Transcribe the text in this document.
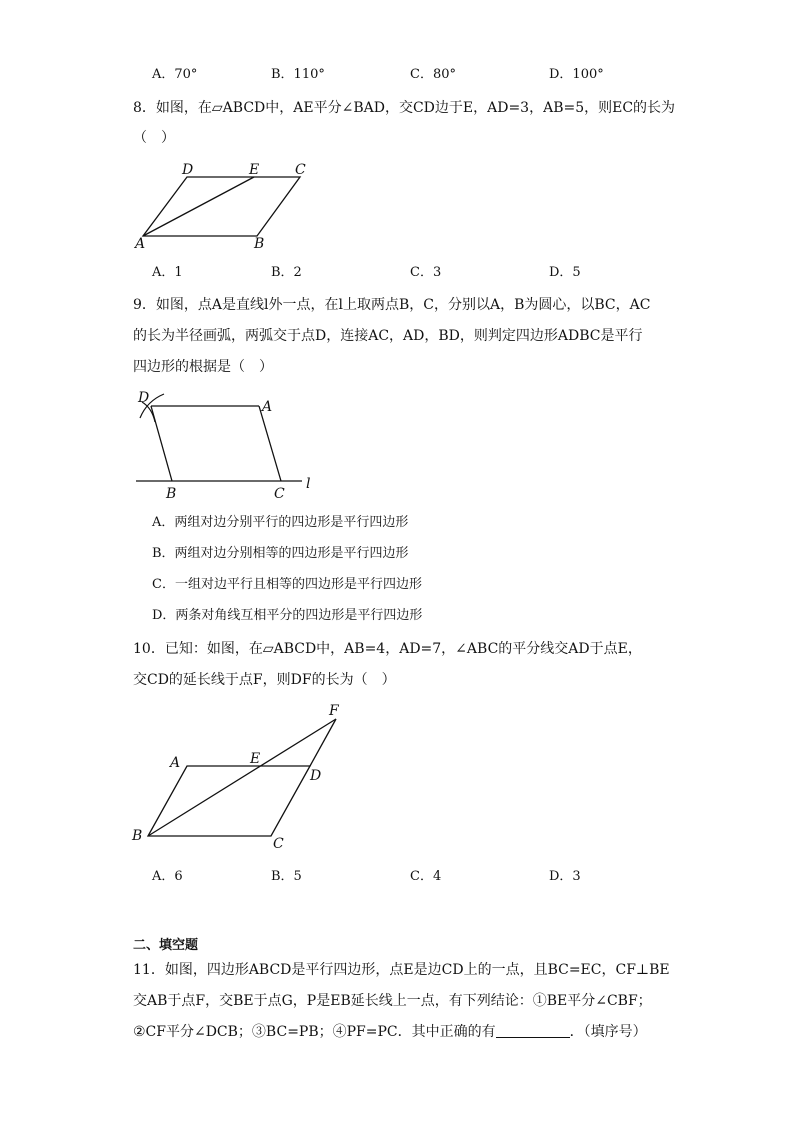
A．70°	B．110°	C．80°	D．100°
8．如图，在▱ABCD中，AE平分∠BAD，交CD边于E，AD=3，AB=5，则EC的长为
（　）
D	E	C
A	B
A．1	B．2	C．3	D．5
9．如图，点A是直线l外一点，在l上取两点B，C，分别以A，B为圆心，以BC，AC
的长为半径画弧，两弧交于点D，连接AC，AD，BD，则判定四边形ADBC是平行
四边形的根据是（　）
D
A
B	C
l
A．两组对边分别平行的四边形是平行四边形
B．两组对边分别相等的四边形是平行四边形
C．一组对边平行且相等的四边形是平行四边形
D．两条对角线互相平分的四边形是平行四边形
10．已知：如图，在▱ABCD中，AB=4，AD=7，∠ABC的平分线交AD于点E，
交CD的延长线于点F，则DF的长为（　）
F
A	E
D
B	C
A．6	B．5	C．4	D．3
二、填空题
11．如图，四边形ABCD是平行四边形，点E是边CD上的一点，且BC=EC，CF⊥BE
交AB于点F，交BE于点G，P是EB延长线上一点，有下列结论：①BE平分∠CBF；
②CF平分∠DCB；③BC=PB；④PF=PC．其中正确的有	．（填序号）
